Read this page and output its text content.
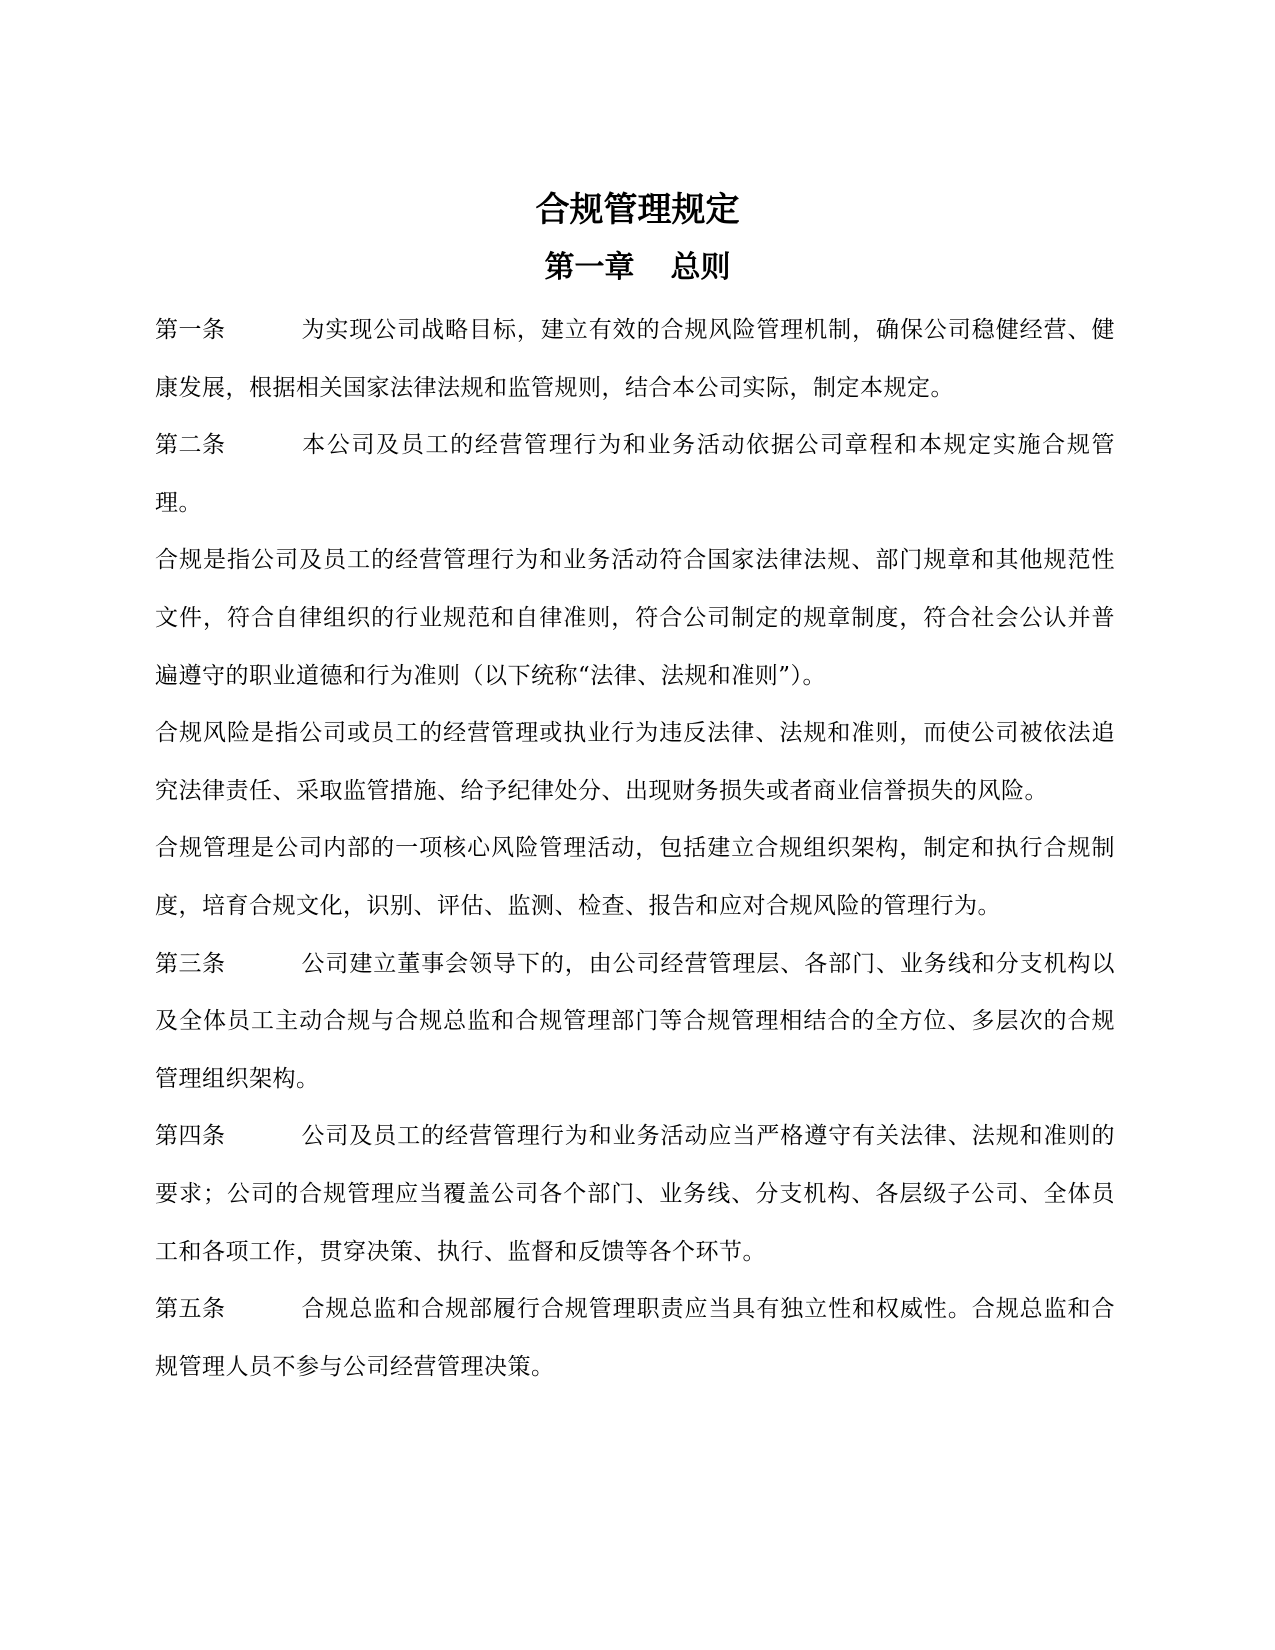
合规管理规定
第一章 总则

第一条	为实现公司战略目标，建立有效的合规风险管理机制，确保公司稳健经营、健康发展，根据相关国家法律法规和监管规则，结合本公司实际，制定本规定。

第二条	本公司及员工的经营管理行为和业务活动依据公司章程和本规定实施合规管理。

合规是指公司及员工的经营管理行为和业务活动符合国家法律法规、部门规章和其他规范性文件，符合自律组织的行业规范和自律准则，符合公司制定的规章制度，符合社会公认并普遍遵守的职业道德和行为准则（以下统称“法律、法规和准则”）。

合规风险是指公司或员工的经营管理或执业行为违反法律、法规和准则，而使公司被依法追究法律责任、采取监管措施、给予纪律处分、出现财务损失或者商业信誉损失的风险。

合规管理是公司内部的一项核心风险管理活动，包括建立合规组织架构，制定和执行合规制度，培育合规文化，识别、评估、监测、检查、报告和应对合规风险的管理行为。

第三条	公司建立董事会领导下的，由公司经营管理层、各部门、业务线和分支机构以及全体员工主动合规与合规总监和合规管理部门等合规管理相结合的全方位、多层次的合规管理组织架构。

第四条	公司及员工的经营管理行为和业务活动应当严格遵守有关法律、法规和准则的要求；公司的合规管理应当覆盖公司各个部门、业务线、分支机构、各层级子公司、全体员工和各项工作，贯穿决策、执行、监督和反馈等各个环节。

第五条	合规总监和合规部履行合规管理职责应当具有独立性和权威性。合规总监和合规管理人员不参与公司经营管理决策。
